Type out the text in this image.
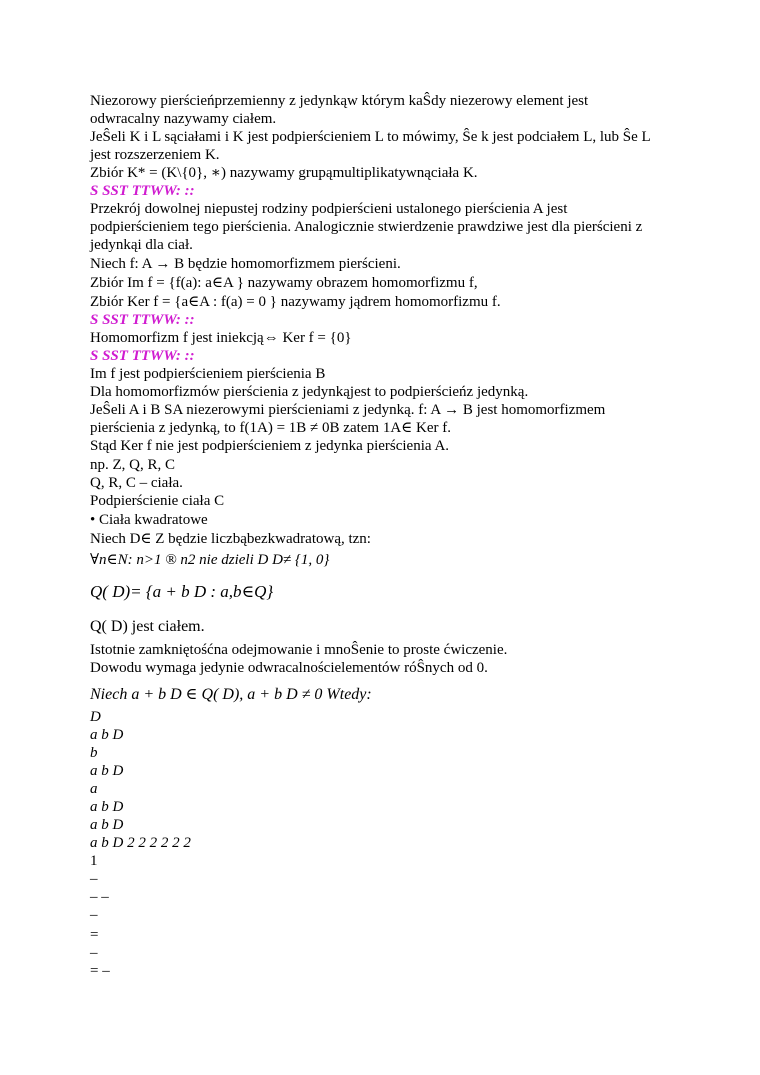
Niezorowy pierścieńprzemienny z jedynkąw którym kaŜdy niezerowy element jest
odwracalny nazywamy ciałem.
JeŜeli K i L sąciałami i K jest podpierścieniem L to mówimy, Ŝe k jest podciałem L, lub Ŝe L
jest rozszerzeniem K.
Zbiór K* = (K\{0}, ∗) nazywamy grupąmultiplikatywnąciała K.
S SST TTWW: ::
Przekrój dowolnej niepustej rodziny podpierścieni ustalonego pierścienia A jest
podpierścieniem tego pierścienia. Analogicznie stwierdzenie prawdziwe jest dla pierścieni z
jedynkąi dla ciał.
Niech f: A → B będzie homomorfizmem pierścieni.
Zbiór Im f = {f(a): a∈A } nazywamy obrazem homomorfizmu f,
Zbiór Ker f = {a∈A : f(a) = 0 } nazywamy jądrem homomorfizmu f.
S SST TTWW: ::
Homomorfizm f jest iniekcją⇔ Ker f = {0}
S SST TTWW: ::
Im f jest podpierścieniem pierścienia B
Dla homomorfizmów pierścienia z jedynkąjest to podpierścieńz jedynką.
JeŜeli A i B SA niezerowymi pierścieniami z jedynką. f: A → B jest homomorfizmem
pierścienia z jedynką, to f(1A) = 1B ≠ 0B zatem 1A∈ Ker f.
Stąd Ker f nie jest podpierścieniem z jedynka pierścienia A.
np. Z, Q, R, C
Q, R, C – ciała.
Podpierścienie ciała C
• Ciała kwadratowe
Niech D∈ Z będzie liczbąbezkwadratową, tzn:
∀n∈N: n>1 ® n2 nie dzieli D D≠ {1, 0}
Q( D)= {a + b D : a,b∈Q}
Q( D) jest ciałem.
Istotnie zamkniętośćna odejmowanie i mnoŜenie to proste ćwiczenie.
Dowodu wymaga jedynie odwracalnościelementów róŜnych od 0.
Niech a + b D ∈ Q( D), a + b D ≠ 0 Wtedy:
D
a b D
b
a b D
a
a b D
a b D
a b D 2 2 2 2 2 2
1
–
– –
–
=
–
= –
